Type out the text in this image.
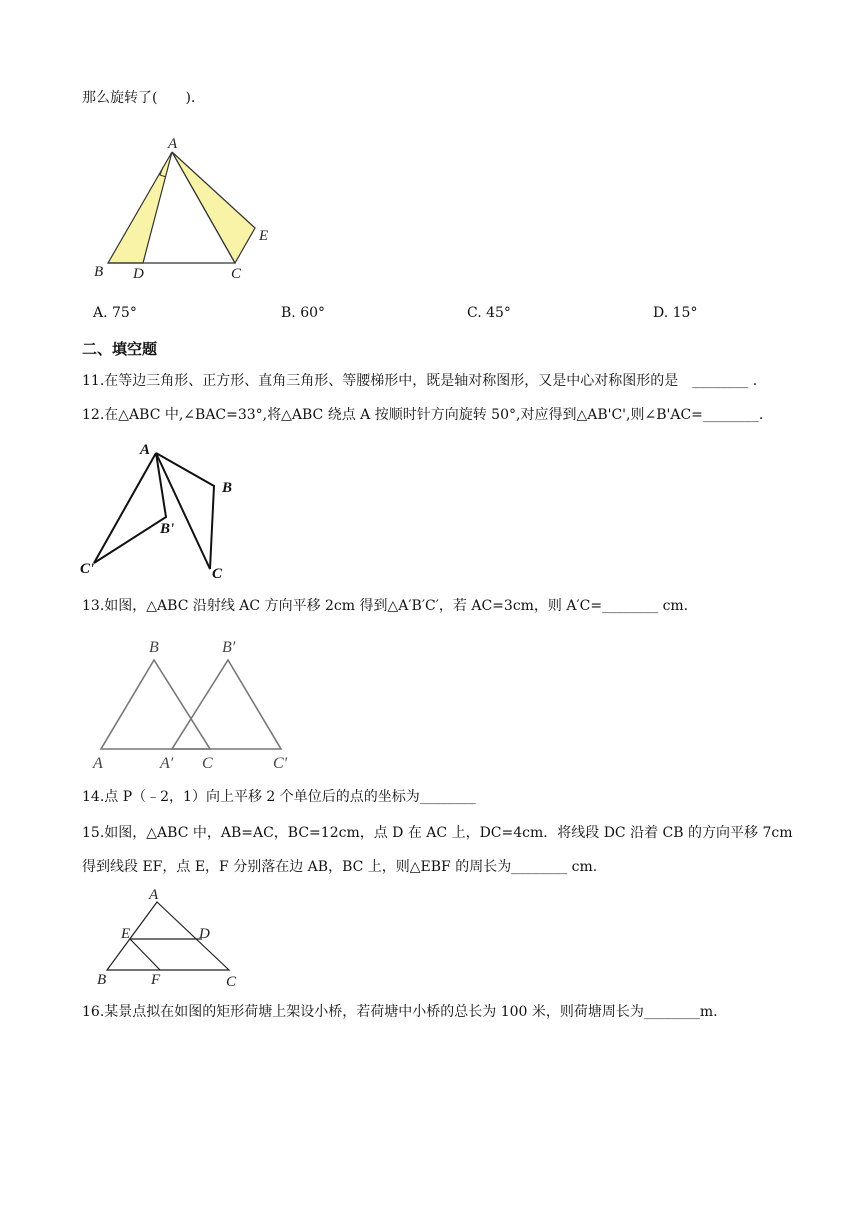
那么旋转了(　　).
A
B D	C
E
A. 75°	B. 60°	C. 45°	D. 15°
二、填空题
11.在等边三角形、正方形、直角三角形、等腰梯形中，既是轴对称图形，又是中心对称图形的是　________ .
12.在△ABC 中,∠BAC=33°,将△ABC 绕点 A 按顺时针方向旋转 50°,对应得到△AB'C',则∠B'AC=________.
A
B
B'
C'	C
13.如图，△ABC 沿射线 AC 方向平移 2cm 得到△A′B′C′，若 AC=3cm，则 A′C=________ cm.
B	B′
A	A′ C	C′
14.点 P（﹣2，1）向上平移 2 个单位后的点的坐标为________
15.如图，△ABC 中，AB=AC，BC=12cm，点 D 在 AC 上，DC=4cm．将线段 DC 沿着 CB 的方向平移 7cm
得到线段 EF，点 E，F 分别落在边 AB，BC 上，则△EBF 的周长为________ cm.
A
E	D
B	F	C
16.某景点拟在如图的矩形荷塘上架设小桥，若荷塘中小桥的总长为 100 米，则荷塘周长为________m.
